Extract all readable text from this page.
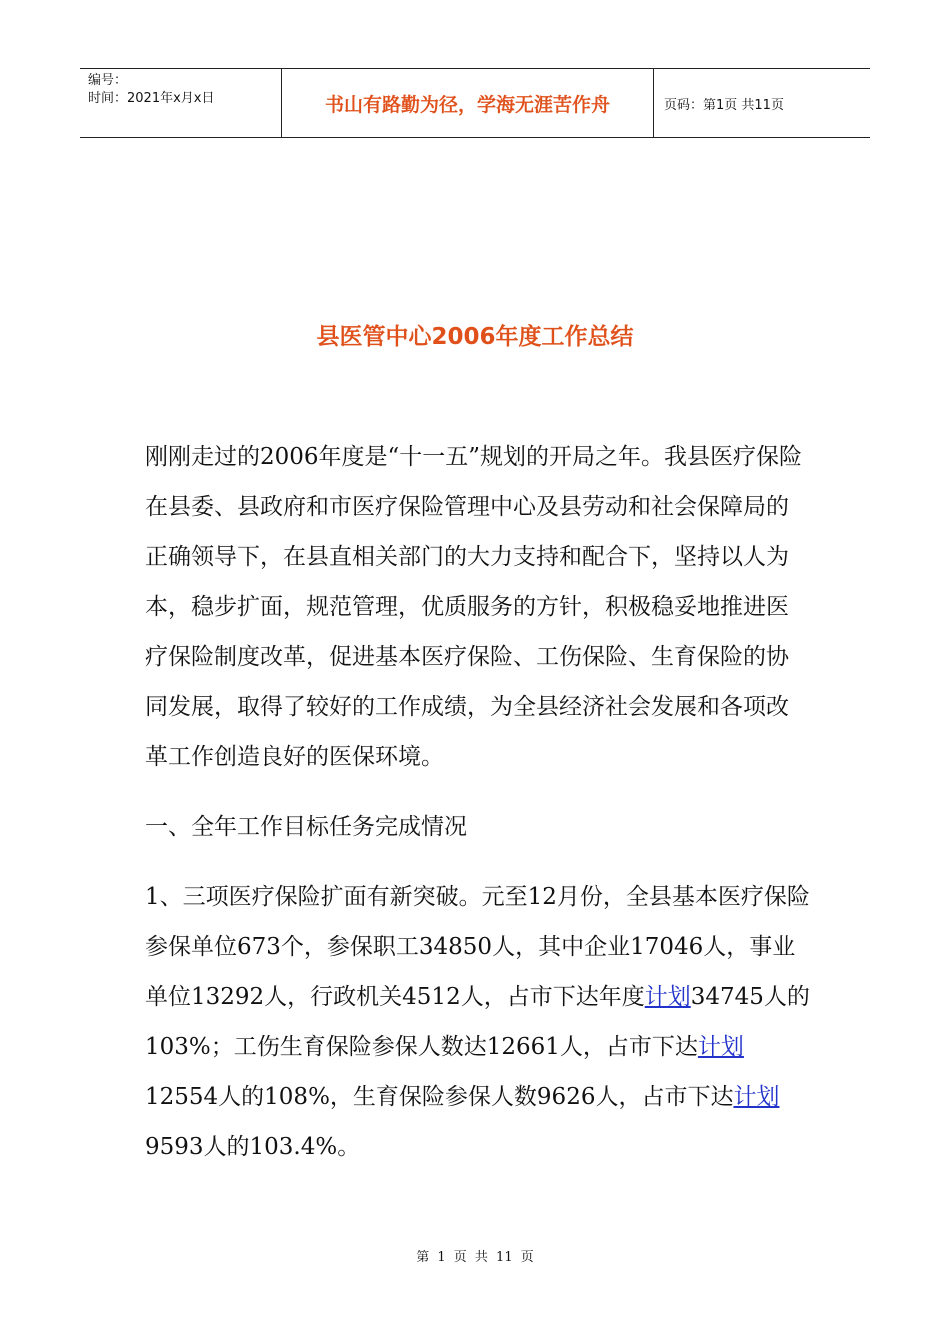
编号：
时间：2021年x月x日	书山有路勤为径，学海无涯苦作舟	页码：第1页 共11页
县医管中心2006年度工作总结

刚刚走过的2006年度是“十一五”规划的开局之年。我县医疗保险在县委、县政府和市医疗保险管理中心及县劳动和社会保障局的正确领导下，在县直相关部门的大力支持和配合下，坚持以人为本，稳步扩面，规范管理，优质服务的方针，积极稳妥地推进医疗保险制度改革，促进基本医疗保险、工伤保险、生育保险的协同发展，取得了较好的工作成绩，为全县经济社会发展和各项改革工作创造良好的医保环境。

一、全年工作目标任务完成情况

1、三项医疗保险扩面有新突破。元至12月份，全县基本医疗保险参保单位673个，参保职工34850人，其中企业17046人，事业单位13292人，行政机关4512人，占市下达年度计划34745人的103%；工伤生育保险参保人数达12661人，占市下达计划12554人的108%，生育保险参保人数9626人，占市下达计划9593人的103.4%。

第 1 页 共 11 页
